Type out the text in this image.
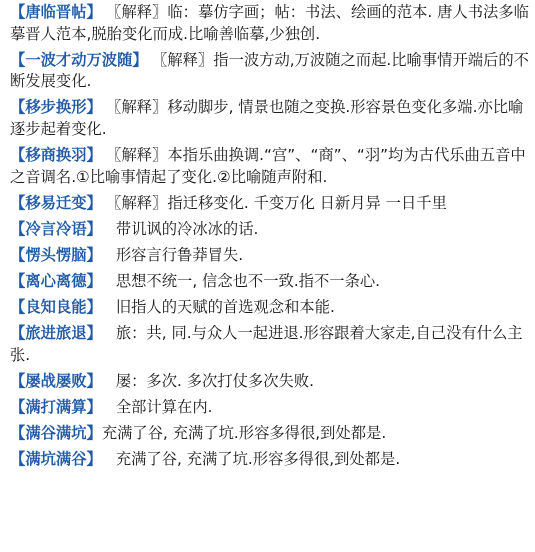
【唐临晋帖】 〖解释〗临：摹仿字画；帖：书法、绘画的范本. 唐人书法多临摹晋人范本,脱胎变化而成.比喻善临摹,少独创.
【一波才动万波随】 〖解释〗指一波方动,万波随之而起.比喻事情开端后的不断发展变化.
【移步换形】 〖解释〗移动脚步, 情景也随之变换.形容景色变化多端.亦比喻逐步起着变化.
【移商换羽】 〖解释〗本指乐曲换调.“宫”、“商”、“羽”均为古代乐曲五音中之音调名.①比喻事情起了变化.②比喻随声附和.
【移易迁变】 〖解释〗指迁移变化. 千变万化 日新月异 一日千里
【冷言冷语】 带讥讽的冷冰冰的话.
【愣头愣脑】 形容言行鲁莽冒失.
【离心离德】 思想不统一, 信念也不一致.指不一条心.
【良知良能】 旧指人的天赋的首选观念和本能.
【旅进旅退】 旅：共, 同.与众人一起进退.形容跟着大家走,自己没有什么主张.
【屡战屡败】 屡：多次. 多次打仗多次失败.
【满打满算】 全部计算在内.
【满谷满坑】充满了谷, 充满了坑.形容多得很,到处都是.
【满坑满谷】 充满了谷, 充满了坑.形容多得很,到处都是.
